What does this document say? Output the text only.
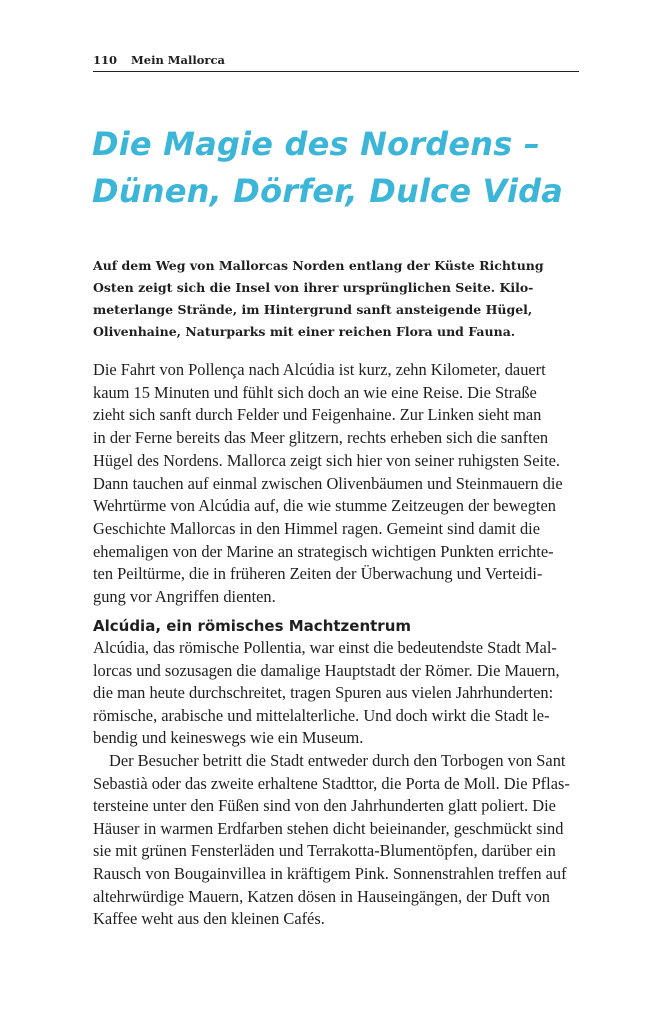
110 Mein Mallorca
Die Magie des Nordens –
Dünen, Dörfer, Dulce Vida
Auf dem Weg von Mallorcas Norden entlang der Küste Richtung
Osten zeigt sich die Insel von ihrer ursprünglichen Seite. Kilo-
meterlange Strände, im Hintergrund sanft ansteigende Hügel,
Olivenhaine, Naturparks mit einer reichen Flora und Fauna.
Die Fahrt von Pollença nach Alcúdia ist kurz, zehn Kilometer, dauert
kaum 15 Minuten und fühlt sich doch an wie eine Reise. Die Straße
zieht sich sanft durch Felder und Feigenhaine. Zur Linken sieht man
in der Ferne bereits das Meer glitzern, rechts erheben sich die sanften
Hügel des Nordens. Mallorca zeigt sich hier von seiner ruhigsten Seite.
Dann tauchen auf einmal zwischen Olivenbäumen und Steinmauern die
Wehrtürme von Alcúdia auf, die wie stumme Zeitzeugen der bewegten
Geschichte Mallorcas in den Himmel ragen. Gemeint sind damit die
ehemaligen von der Marine an strategisch wichtigen Punkten errichte-
ten Peiltürme, die in früheren Zeiten der Überwachung und Verteidi-
gung vor Angriffen dienten.
Alcúdia, ein römisches Machtzentrum
Alcúdia, das römische Pollentia, war einst die bedeutendste Stadt Mal-
lorcas und sozusagen die damalige Hauptstadt der Römer. Die Mauern,
die man heute durchschreitet, tragen Spuren aus vielen Jahrhunderten:
römische, arabische und mittelalterliche. Und doch wirkt die Stadt le-
bendig und keineswegs wie ein Museum.
Der Besucher betritt die Stadt entweder durch den Torbogen von Sant
Sebastià oder das zweite erhaltene Stadttor, die Porta de Moll. Die Pflas-
tersteine unter den Füßen sind von den Jahrhunderten glatt poliert. Die
Häuser in warmen Erdfarben stehen dicht beieinander, geschmückt sind
sie mit grünen Fensterläden und Terrakotta-Blumentöpfen, darüber ein
Rausch von Bougainvillea in kräftigem Pink. Sonnenstrahlen treffen auf
altehrwürdige Mauern, Katzen dösen in Hauseingängen, der Duft von
Kaffee weht aus den kleinen Cafés.
